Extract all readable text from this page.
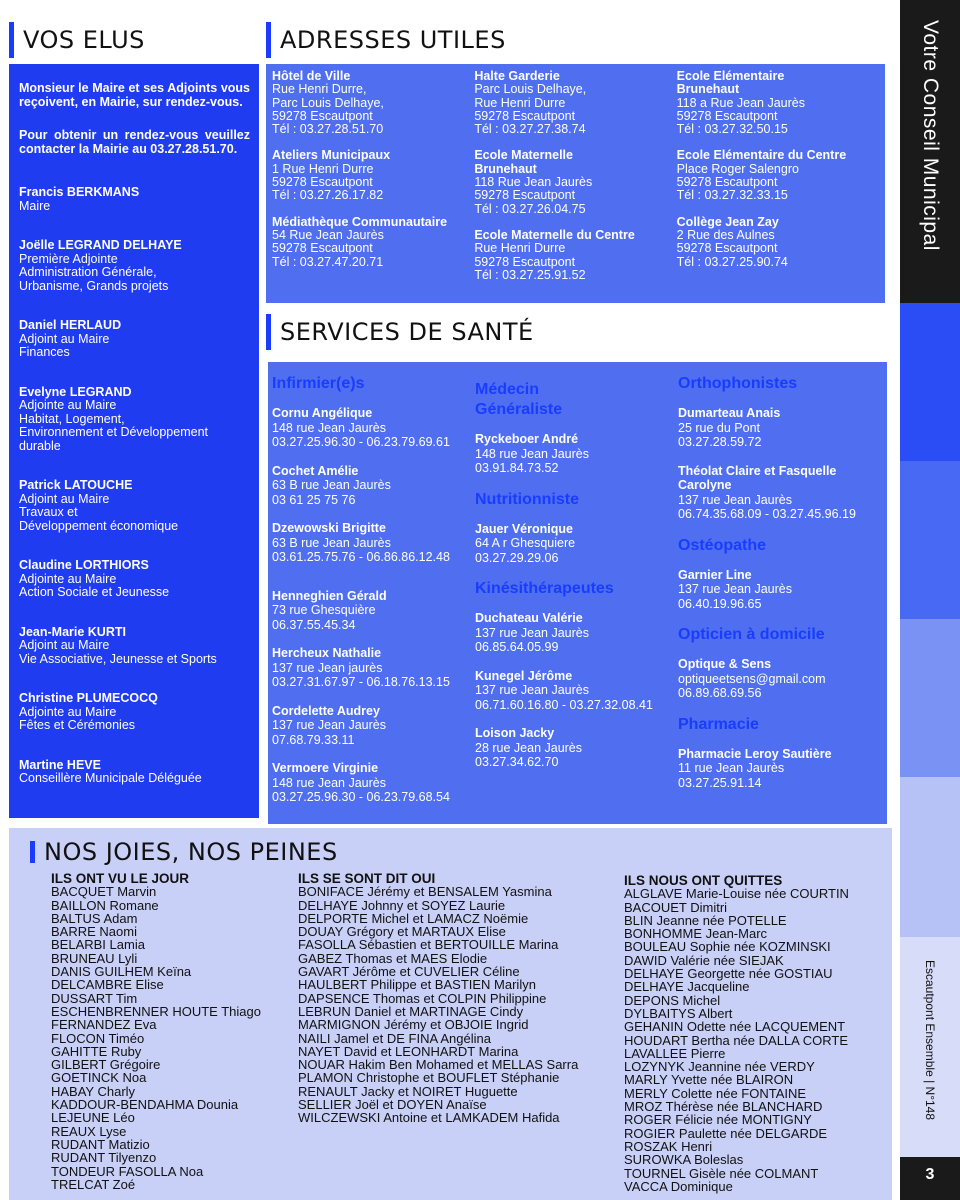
VOS ELUS	ADRESSES UTILES
SERVICES DE SANTÉ
Monsieur le Maire et ses Adjoints vous reçoivent, en Mairie, sur rendez-vous.
Pour obtenir un rendez-vous veuillez contacter la Mairie au 03.27.28.51.70.
Francis BERKMANS
Maire
Joëlle LEGRAND DELHAYE
Première Adjointe
Administration Générale,
Urbanisme, Grands projets
Daniel HERLAUD
Adjoint au Maire
Finances
Evelyne LEGRAND
Adjointe au Maire
Habitat, Logement,
Environnement et Développement
durable
Patrick LATOUCHE
Adjoint au Maire
Travaux et
Développement économique
Claudine LORTHIORS
Adjointe au Maire
Action Sociale et Jeunesse
Jean-Marie KURTI
Adjoint au Maire
Vie Associative, Jeunesse et Sports
Christine PLUMECOCQ
Adjointe au Maire
Fêtes et Cérémonies
Martine HEVE
Conseillère Municipale Déléguée
Hôtel de Ville
Rue Henri Durre,
Parc Louis Delhaye,
59278 Escautpont
Tél : 03.27.28.51.70
Ateliers Municipaux
1 Rue Henri Durre
59278 Escautpont
Tél : 03.27.26.17.82
Médiathèque Communautaire
54 Rue Jean Jaurès
59278 Escautpont
Tél : 03.27.47.20.71
Halte Garderie
Parc Louis Delhaye,
Rue Henri Durre
59278 Escautpont
Tél : 03.27.27.38.74
Ecole Maternelle
Brunehaut
118 Rue Jean Jaurès
59278 Escautpont
Tél : 03.27.26.04.75
Ecole Maternelle du Centre
Rue Henri Durre
59278 Escautpont
Tél : 03.27.25.91.52
Ecole Elémentaire
Brunehaut
118 a Rue Jean Jaurès
59278 Escautpont
Tél : 03.27.32.50.15
Ecole Elémentaire du Centre
Place Roger Salengro
59278 Escautpont
Tél : 03.27.32.33.15
Collège Jean Zay
2 Rue des Aulnes
59278 Escautpont
Tél : 03.27.25.90.74
Infirmier(e)s
Cornu Angélique
148 rue Jean Jaurès
03.27.25.96.30 - 06.23.79.69.61
Cochet Amélie
63 B rue Jean Jaurès
03 61 25 75 76
Dzewowski Brigitte
63 B rue Jean Jaurès
03.61.25.75.76 - 06.86.86.12.48
Henneghien Gérald
73 rue Ghesquière
06.37.55.45.34
Hercheux Nathalie
137 rue Jean jaurès
03.27.31.67.97 - 06.18.76.13.15
Cordelette Audrey
137 rue Jean Jaurès
07.68.79.33.11
Vermoere Virginie
148 rue Jean Jaurès
03.27.25.96.30 - 06.23.79.68.54
Médecin
Généraliste
Ryckeboer André
148 rue Jean Jaurès
03.91.84.73.52
Nutritionniste
Jauer Véronique
64 A r Ghesquiere
03.27.29.29.06
Kinésithérapeutes
Duchateau Valérie
137 rue Jean Jaurès
06.85.64.05.99
Kunegel Jérôme
137 rue Jean Jaurès
06.71.60.16.80 - 03.27.32.08.41
Loison Jacky
28 rue Jean Jaurès
03.27.34.62.70
Orthophonistes
Dumarteau Anais
25 rue du Pont
03.27.28.59.72
Théolat Claire et Fasquelle
Carolyne
137 rue Jean Jaurès
06.74.35.68.09 - 03.27.45.96.19
Ostéopathe
Garnier Line
137 rue Jean Jaurès
06.40.19.96.65
Opticien à domicile
Optique & Sens
optiqueetsens@gmail.com
06.89.68.69.56
Pharmacie
Pharmacie Leroy Sautière
11 rue Jean Jaurès
03.27.25.91.14
NOS JOIES, NOS PEINES
ILS ONT VU LE JOUR
BACQUET Marvin
BAILLON Romane
BALTUS Adam
BARRE Naomi
BELARBI Lamia
BRUNEAU Lyli
DANIS GUILHEM Keïna
DELCAMBRE Elise
DUSSART Tim
ESCHENBRENNER HOUTE Thiago
FERNANDEZ Eva
FLOCON Timéo
GAHITTE Ruby
GILBERT Grégoire
GOETINCK Noa
HABAY Charly
KADDOUR-BENDAHMA Dounia
LEJEUNE Léo
REAUX Lyse
RUDANT Matizio
RUDANT Tilyenzo
TONDEUR FASOLLA Noa
TRELCAT Zoé
ILS SE SONT DIT OUI
BONIFACE Jérémy et BENSALEM Yasmina
DELHAYE Johnny et SOYEZ Laurie
DELPORTE Michel et LAMACZ Noëmie
DOUAY Grégory et MARTAUX Elise
FASOLLA Sébastien et BERTOUILLE Marina
GABEZ Thomas et MAES Elodie
GAVART Jérôme et CUVELIER Céline
HAULBERT Philippe et BASTIEN Marilyn
DAPSENCE Thomas et COLPIN Philippine
LEBRUN Daniel et MARTINAGE Cindy
MARMIGNON Jérémy et OBJOIE Ingrid
NAILI Jamel et DE FINA Angélina
NAYET David et LEONHARDT Marina
NOUAR Hakim Ben Mohamed et MELLAS Sarra
PLAMON Christophe et BOUFLET Stéphanie
RENAULT Jacky et NOIRET Huguette
SELLIER Joël et DOYEN Anaïse
WILCZEWSKI Antoine et LAMKADEM Hafida
ILS NOUS ONT QUITTES
ALGLAVE Marie-Louise née COURTIN
BACOUET Dimitri
BLIN Jeanne née POTELLE
BONHOMME Jean-Marc
BOULEAU Sophie née KOZMINSKI
DAWID Valérie née SIEJAK
DELHAYE Georgette née GOSTIAU
DELHAYE Jacqueline
DEPONS Michel
DYLBAITYS Albert
GEHANIN Odette née LACQUEMENT
HOUDART Bertha née DALLA CORTE
LAVALLEE Pierre
LOZYNYK Jeannine née VERDY
MARLY Yvette née BLAIRON
MERLY Colette née FONTAINE
MROZ Thérèse née BLANCHARD
ROGER Félicie née MONTIGNY
ROGIER Paulette née DELGARDE
ROSZAK Henri
SUROWKA Boleslas
TOURNEL Gisèle née COLMANT
VACCA Dominique
Votre Conseil Municipal
Escautpont Ensemble | N°148
3
